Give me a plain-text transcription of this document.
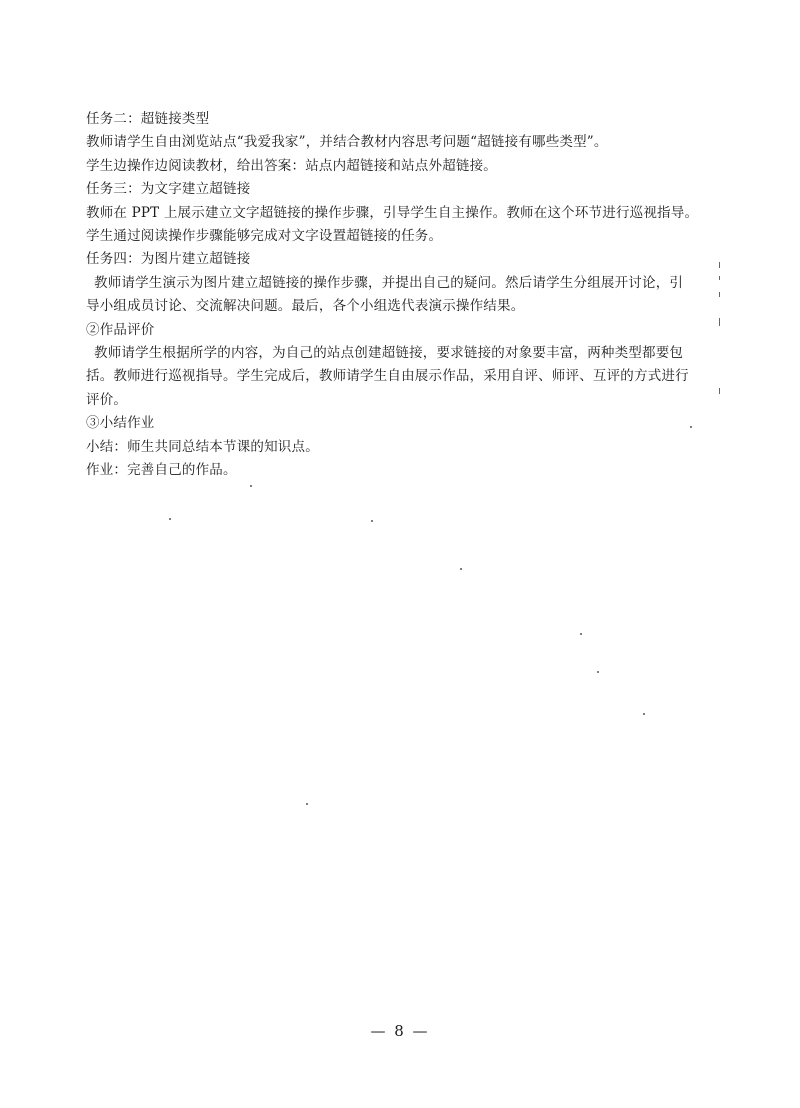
任务二：超链接类型
教师请学生自由浏览站点“我爱我家”，并结合教材内容思考问题“超链接有哪些类型”。
学生边操作边阅读教材，给出答案：站点内超链接和站点外超链接。
任务三：为文字建立超链接
教师在 PPT 上展示建立文字超链接的操作步骤，引导学生自主操作。教师在这个环节进行巡视指导。
学生通过阅读操作步骤能够完成对文字设置超链接的任务。
任务四：为图片建立超链接

教师请学生演示为图片建立超链接的操作步骤，并提出自己的疑问。然后请学生分组展开讨论，引导小组成员讨论、交流解决问题。最后，各个小组选代表演示操作结果。

②作品评价

教师请学生根据所学的内容，为自己的站点创建超链接，要求链接的对象要丰富，两种类型都要包括。教师进行巡视指导。学生完成后，教师请学生自由展示作品，采用自评、师评、互评的方式进行评价。

③小结作业
小结：师生共同总结本节课的知识点。
作业：完善自己的作品。
— 8 —
